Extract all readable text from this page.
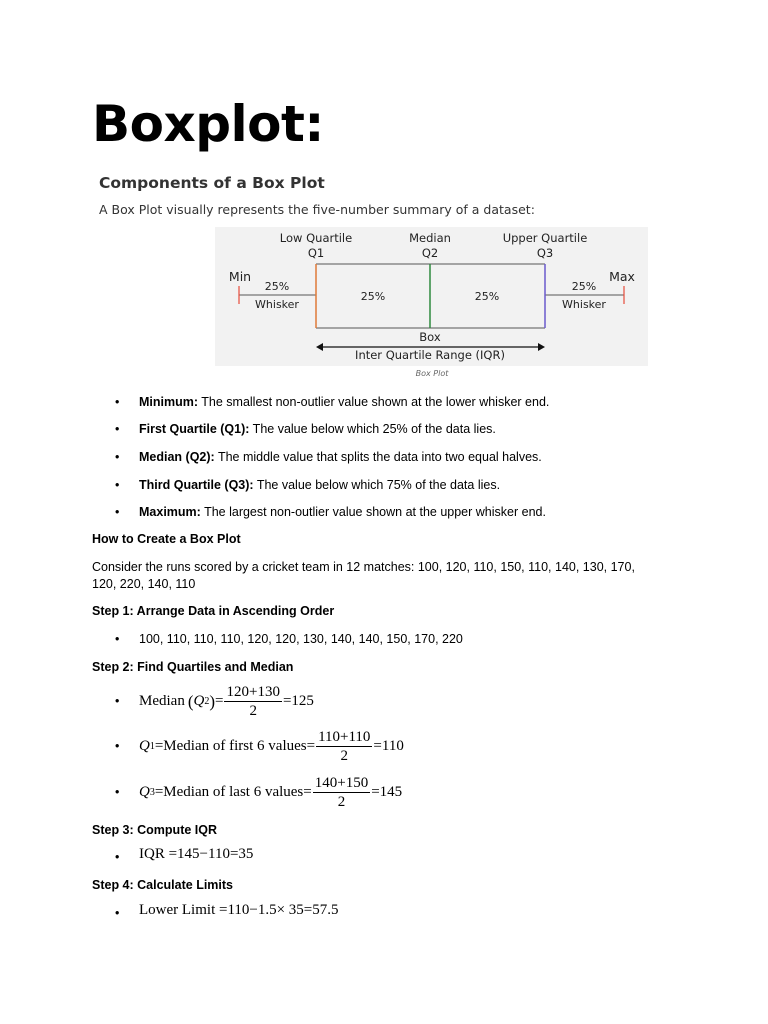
Boxplot:
Components of a Box Plot
A Box Plot visually represents the five-number summary of a dataset:
Low Quartile
Q1
Median
Q2
Upper Quartile
Q3
Min	Max
25%
Whisker
25%	25%
25%
Whisker
Box
Inter Quartile Range (IQR)
Box Plot
• Minimum: The smallest non-outlier value shown at the lower whisker end.
• First Quartile (Q1): The value below which 25% of the data lies.
• Median (Q2): The middle value that splits the data into two equal halves.
• Third Quartile (Q3): The value below which 75% of the data lies.
• Maximum: The largest non-outlier value shown at the upper whisker end.
How to Create a Box Plot
Consider the runs scored by a cricket team in 12 matches: 100, 120, 110, 150, 110, 140, 130, 170, 120, 220, 140, 110
Step 1: Arrange Data in Ascending Order
• 100, 110, 110, 110, 120, 120, 130, 140, 140, 150, 170, 220
Step 2: Find Quartiles and Median
• Median ( Q 2 ) = $\frac{120+130}{2} =125$
• Q 1 =Median of first 6 values= $\frac{110+110}{2} =110$
• Q 3 =Median of last 6 values= $\frac{140+150}{2} =145$
Step 3: Compute IQR
• IQR =145−110=35
Step 4: Calculate Limits
• Lower Limit =110−1.5× 35=57.5
